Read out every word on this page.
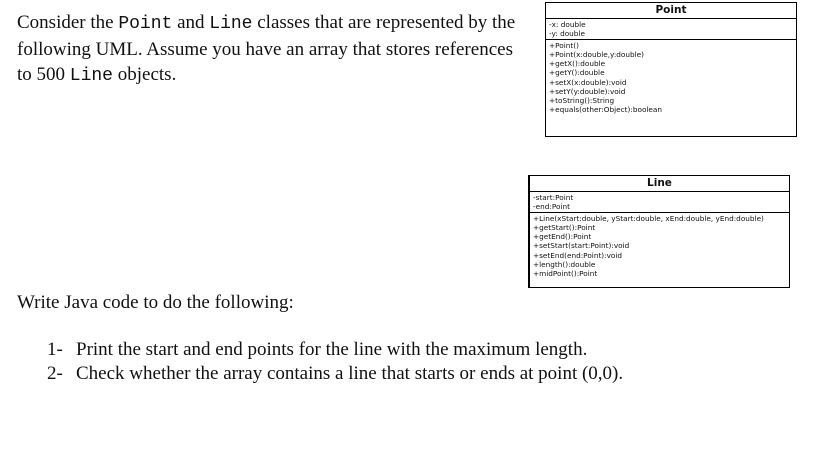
Consider the Point and Line classes that are represented by the following UML. Assume you have an array that stores references to 500 Line objects.

Point
-x: double
-y: double
+Point()
+Point(x:double,y:double)
+getX():double
+getY():double
+setX(x:double):void
+setY(y:double):void
+toString():String
+equals(other:Object):boolean
Line
-start:Point
-end:Point
+Line(xStart:double, yStart:double, xEnd:double, yEnd:double)
+getStart():Point
+getEnd():Point
+setStart(start:Point):void
+setEnd(end:Point):void
+length():double
+midPoint():Point

Write Java code to do the following:

1- Print the start and end points for the line with the maximum length.
2- Check whether the array contains a line that starts or ends at point (0,0).
